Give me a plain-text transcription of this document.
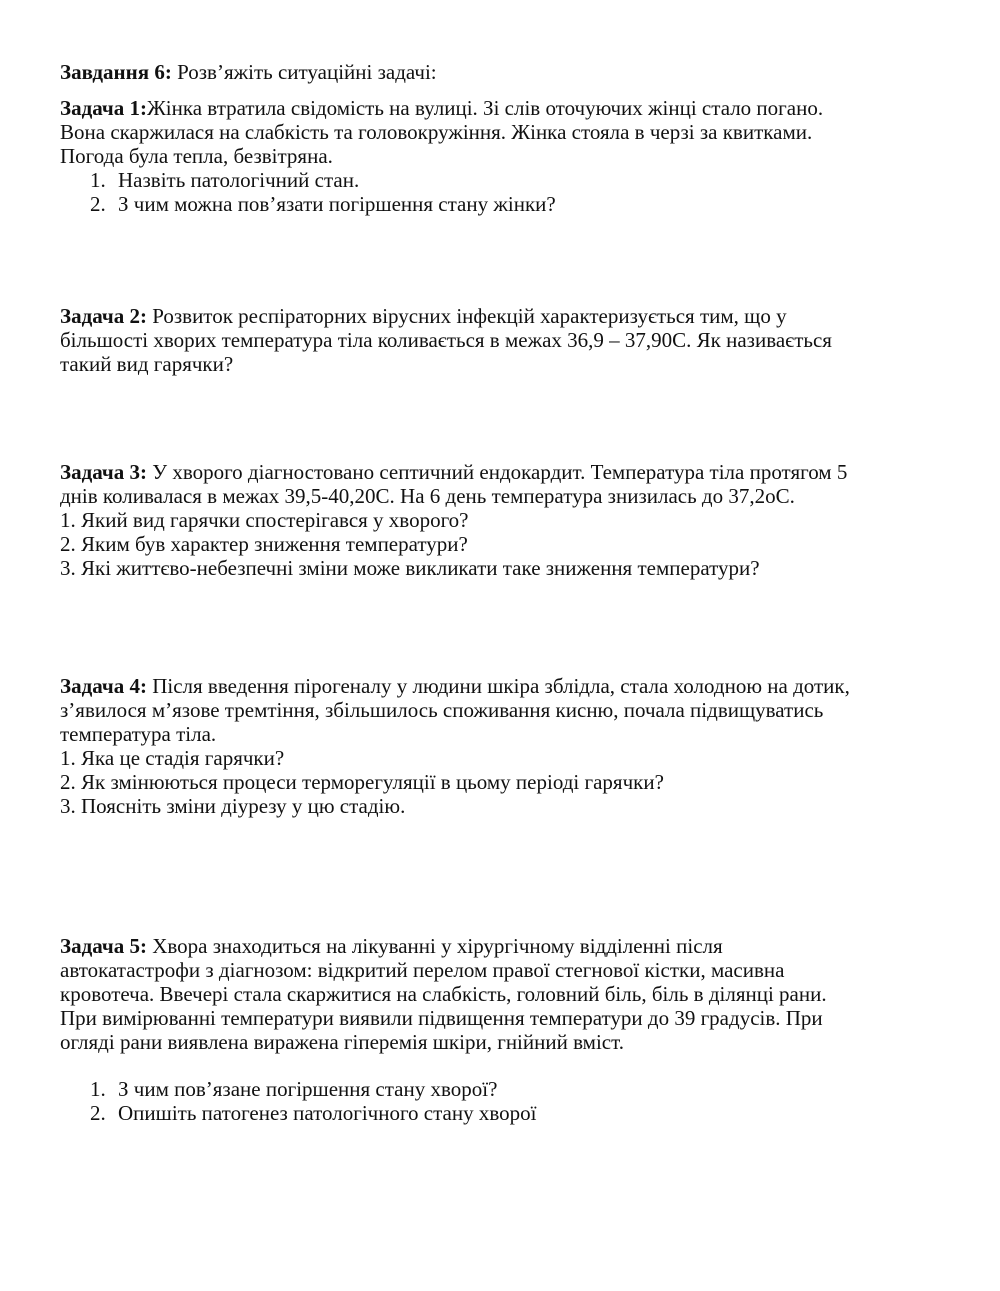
Завдання 6: Розв’яжіть ситуаційні задачі:
Задача 1:Жінка втратила свідомість на вулиці. Зі слів оточуючих жінці стало погано.
Вона скаржилася на слабкість та головокружіння. Жінка стояла в черзі за квитками.
Погода була тепла, безвітряна.
1. Назвіть патологічний стан.
2. З чим можна пов’язати погіршення стану жінки?
Задача 2: Розвиток респіраторних вірусних інфекцій характеризується тим, що у
більшості хворих температура тіла коливається в межах 36,9 – 37,90С. Як називається
такий вид гарячки?
Задача 3: У хворого діагностовано септичний ендокардит. Температура тіла протягом 5
днів коливалася в межах 39,5-40,20С. На 6 день температура знизилась до 37,2оС.
1. Який вид гарячки спостерігався у хворого?
2. Яким був характер зниження температури?
3. Які життєво-небезпечні зміни може викликати таке зниження температури?
Задача 4: Після введення пірогеналу у людини шкіра зблідла, стала холодною на дотик,
з’явилося м’язове тремтіння, збільшилось споживання кисню, почала підвищуватись
температура тіла.
1. Яка це стадія гарячки?
2. Як змінюються процеси терморегуляції в цьому періоді гарячки?
3. Поясніть зміни діурезу у цю стадію.
Задача 5: Хвора знаходиться на лікуванні у хірургічному відділенні після
автокатастрофи з діагнозом: відкритий перелом правої стегнової кістки, масивна
кровотеча. Ввечері стала скаржитися на слабкість, головний біль, біль в ділянці рани.
При вимірюванні температури виявили підвищення температури до 39 градусів. При
огляді рани виявлена виражена гіперемія шкіри, гнійний вміст.
1. З чим пов’язане погіршення стану хворої?
2. Опишіть патогенез патологічного стану хворої
